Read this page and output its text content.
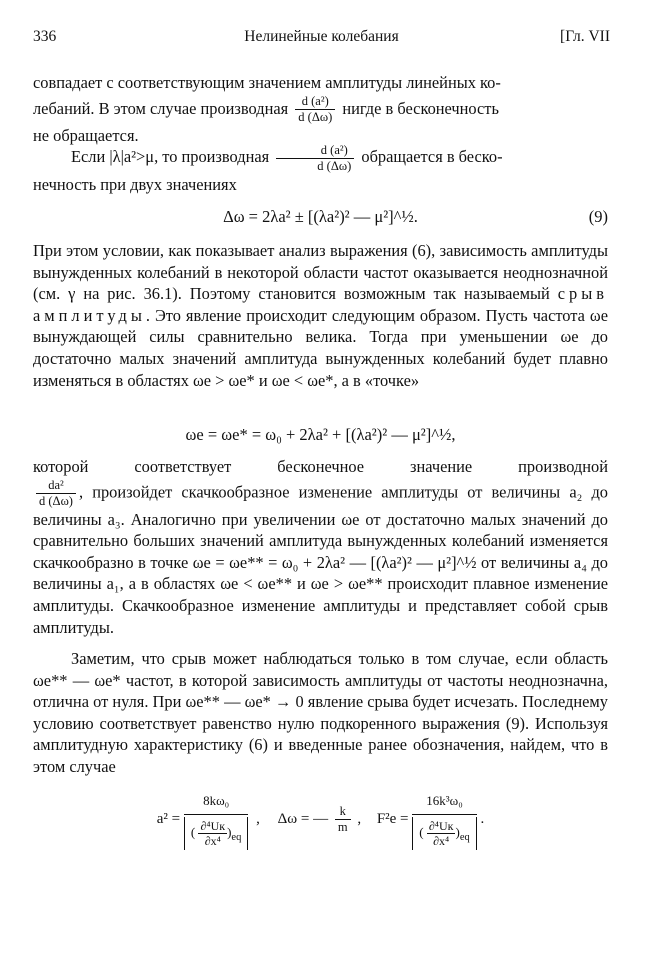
336	Нелинейные колебания	[Гл. VII

совпадает с соответствующим значением амплитуды линейных ко-

лебаний. В этом случае производная $\frac{\text{d (a²)}}{d (\Delta\omega)}$ нигде в бесконечность

не обращается.

Если |λ|a²>μ, то производная $\frac{\text{d (a²)}}{d (\Delta\omega)}$ обращается в беско-

нечность при двух значениях

Δω = 2λa² ± [(λa²)² — μ²]^½.	(9)

При этом условии, как показывает анализ выражения (6), зависимость амплитуды вынужденных колебаний в некоторой области частот оказывается неоднозначной (см. γ на рис. 36.1). Поэтому становится возможным так называемый срыв амплитуды. Это явление происходит следующим образом. Пусть частота ωe вынуждающей силы сравнительно велика. Тогда при уменьшении ωe до достаточно малых значений амплитуда вынужденных колебаний будет плавно изменяться в областях ωe > ωe* и ωe < ωe*, а в «точке»

ωe = ωe* = ω₀ + 2λa² + [(λa²)² — μ²]^½,

которой соответствует бесконечное значение производной

$\frac{\text{da²}}{d (\Delta\omega)}$ , произойдет скачкообразное изменение амплитуды от величины a₂ до величины a₃. Аналогично при увеличении ωe от достаточно малых значений до сравнительно больших значений амплитуда вынужденных колебаний изменяется скачкообразно в точке ωe = ωe** = ω₀ + 2λa² — [(λa²)² — μ²]^½ от величины a₄ до величины a₁, а в областях ωe < ωe** и ωe > ωe** происходит плавное изменение амплитуды. Скачкообразное изменение амплитуды и представляет собой срыв амплитуды.

Заметим, что срыв может наблюдаться только в том случае, если область ωe** — ωe* частот, в которой зависимость амплитуды от частоты неоднозначна, отлична от нуля. При ωe** — ωe* → 0 явление срыва будет исчезать. Последнему условию соответствует равенство нулю подкоренного выражения (9). Используя амплитудную характеристику (6) и введенные ранее обозначения, найдем, что в этом случае

a² =
8kω₀
( $\frac{\text{∂⁴Uк}}{\text{∂x⁴}} )_{eq}$
, Δω = — $\frac{k}{m}$ , F²e =
16k³ω₀
( $\frac{\text{∂⁴Uк}}{\text{∂x⁴}} )_{eq}$
.
